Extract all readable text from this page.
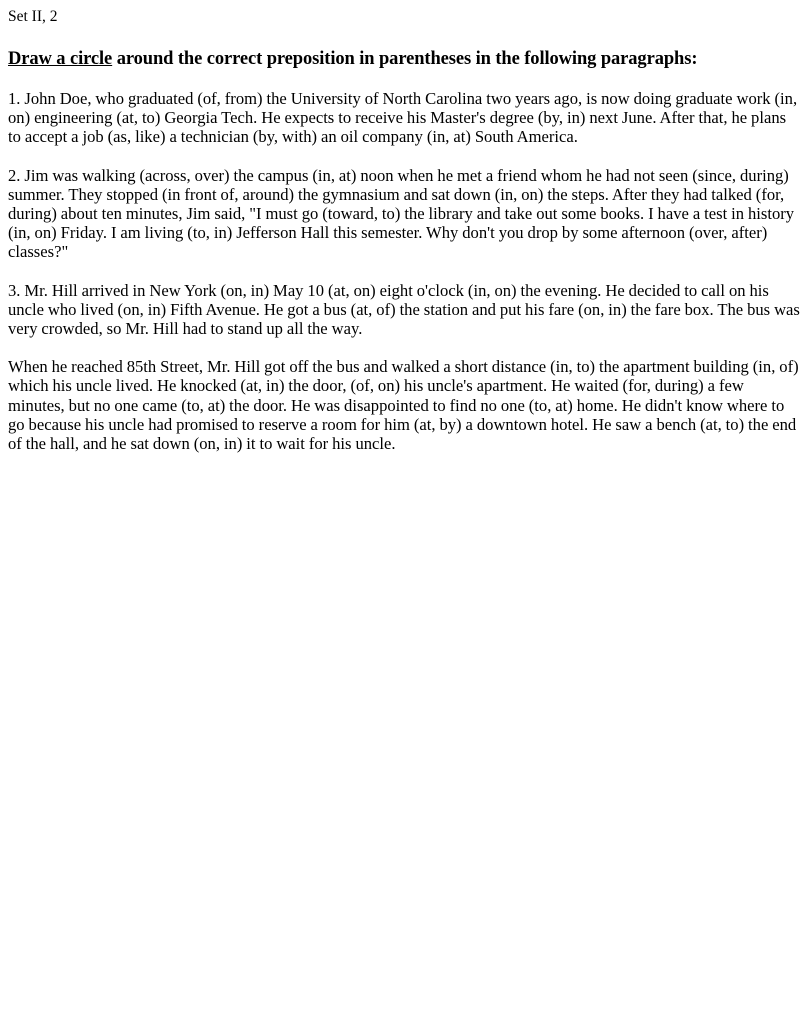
Set II, 2
Draw a circle around the correct preposition in parentheses in the following paragraphs:

1. John Doe, who graduated (of, from) the University of North Carolina two years ago, is now doing graduate work (in, on) engineering (at, to) Georgia Tech. He expects to receive his Master's degree (by, in) next June. After that, he plans to accept a job (as, like) a technician (by, with) an oil company (in, at) South America.

2. Jim was walking (across, over) the campus (in, at) noon when he met a friend whom he had not seen (since, during) summer. They stopped (in front of, around) the gymnasium and sat down (in, on) the steps. After they had talked (for, during) about ten minutes, Jim said, "I must go (toward, to) the library and take out some books. I have a test in history (in, on) Friday. I am living (to, in) Jefferson Hall this semester. Why don't you drop by some afternoon (over, after) classes?"

3. Mr. Hill arrived in New York (on, in) May 10 (at, on) eight o'clock (in, on) the evening. He decided to call on his uncle who lived (on, in) Fifth Avenue. He got a bus (at, of) the station and put his fare (on, in) the fare box. The bus was very crowded, so Mr. Hill had to stand up all the way.

When he reached 85th Street, Mr. Hill got off the bus and walked a short distance (in, to) the apartment building (in, of) which his uncle lived. He knocked (at, in) the door, (of, on) his uncle's apartment. He waited (for, during) a few minutes, but no one came (to, at) the door. He was disappointed to find no one (to, at) home. He didn't know where to go because his uncle had promised to reserve a room for him (at, by) a downtown hotel. He saw a bench (at, to) the end of the hall, and he sat down (on, in) it to wait for his uncle.
